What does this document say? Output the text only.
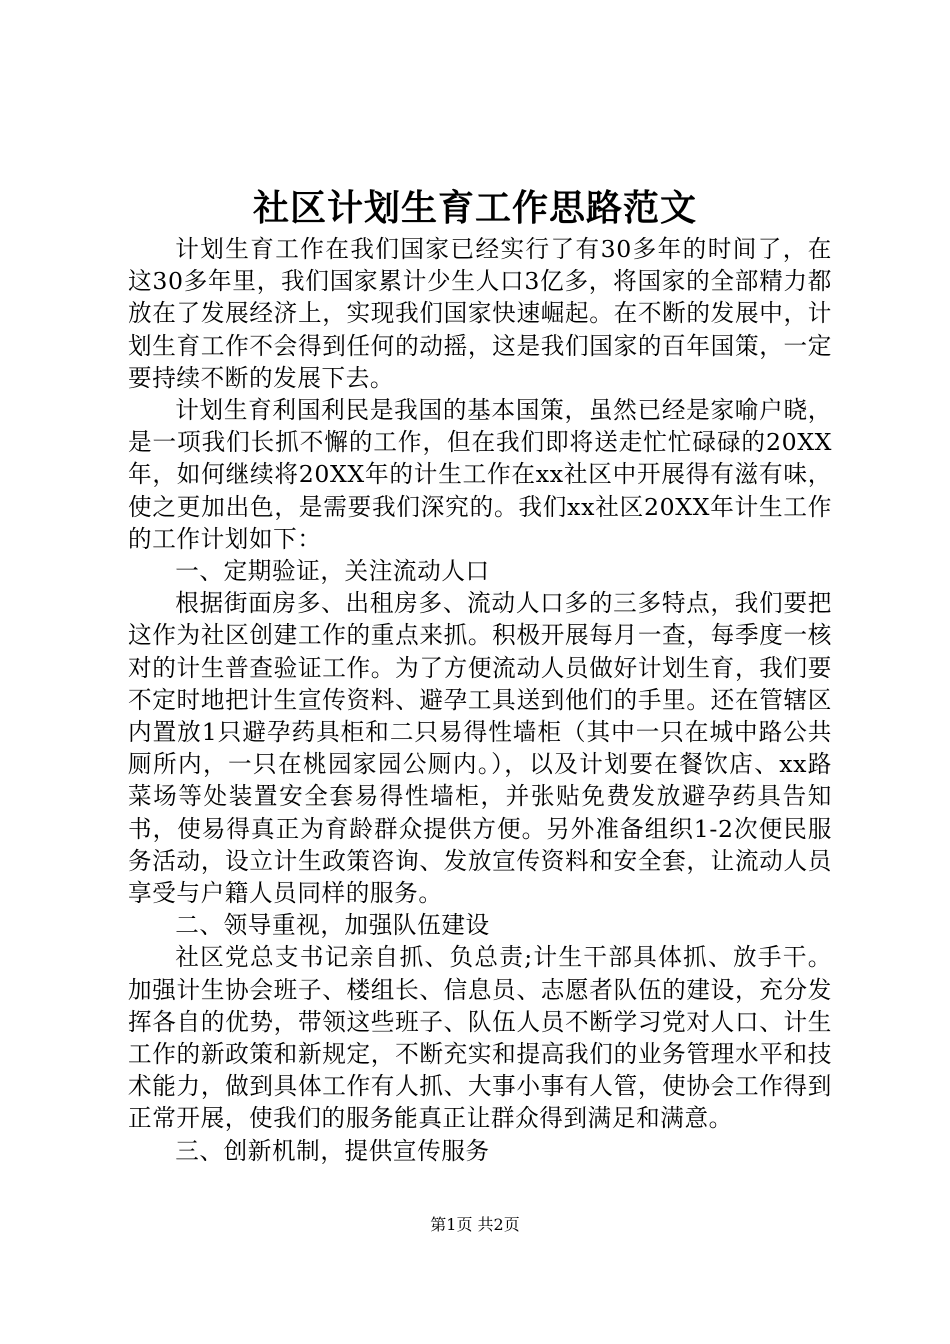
社区计划生育工作思路范文

计划生育工作在我们国家已经实行了有30多年的时间了，在这30多年里，我们国家累计少生人口3亿多，将国家的全部精力都放在了发展经济上，实现我们国家快速崛起。在不断的发展中，计划生育工作不会得到任何的动摇，这是我们国家的百年国策，一定要持续不断的发展下去。

计划生育利国利民是我国的基本国策，虽然已经是家喻户晓，是一项我们长抓不懈的工作，但在我们即将送走忙忙碌碌的20XX年，如何继续将20XX年的计生工作在xx社区中开展得有滋有味，使之更加出色，是需要我们深究的。我们xx社区20XX年计生工作的工作计划如下：

一、定期验证，关注流动人口

根据街面房多、出租房多、流动人口多的三多特点，我们要把这作为社区创建工作的重点来抓。积极开展每月一查，每季度一核对的计生普查验证工作。为了方便流动人员做好计划生育，我们要不定时地把计生宣传资料、避孕工具送到他们的手里。还在管辖区内置放1只避孕药具柜和二只易得性墙柜（其中一只在城中路公共厕所内，一只在桃园家园公厕内。），以及计划要在餐饮店、xx路菜场等处装置安全套易得性墙柜，并张贴免费发放避孕药具告知书，使易得真正为育龄群众提供方便。另外准备组织1-2次便民服务活动，设立计生政策咨询、发放宣传资料和安全套，让流动人员享受与户籍人员同样的服务。

二、领导重视，加强队伍建设

社区党总支书记亲自抓、负总责;计生干部具体抓、放手干。加强计生协会班子、楼组长、信息员、志愿者队伍的建设，充分发挥各自的优势，带领这些班子、队伍人员不断学习党对人口、计生工作的新政策和新规定，不断充实和提高我们的业务管理水平和技术能力，做到具体工作有人抓、大事小事有人管，使协会工作得到正常开展，使我们的服务能真正让群众得到满足和满意。

三、创新机制，提供宣传服务

第1页 共2页
